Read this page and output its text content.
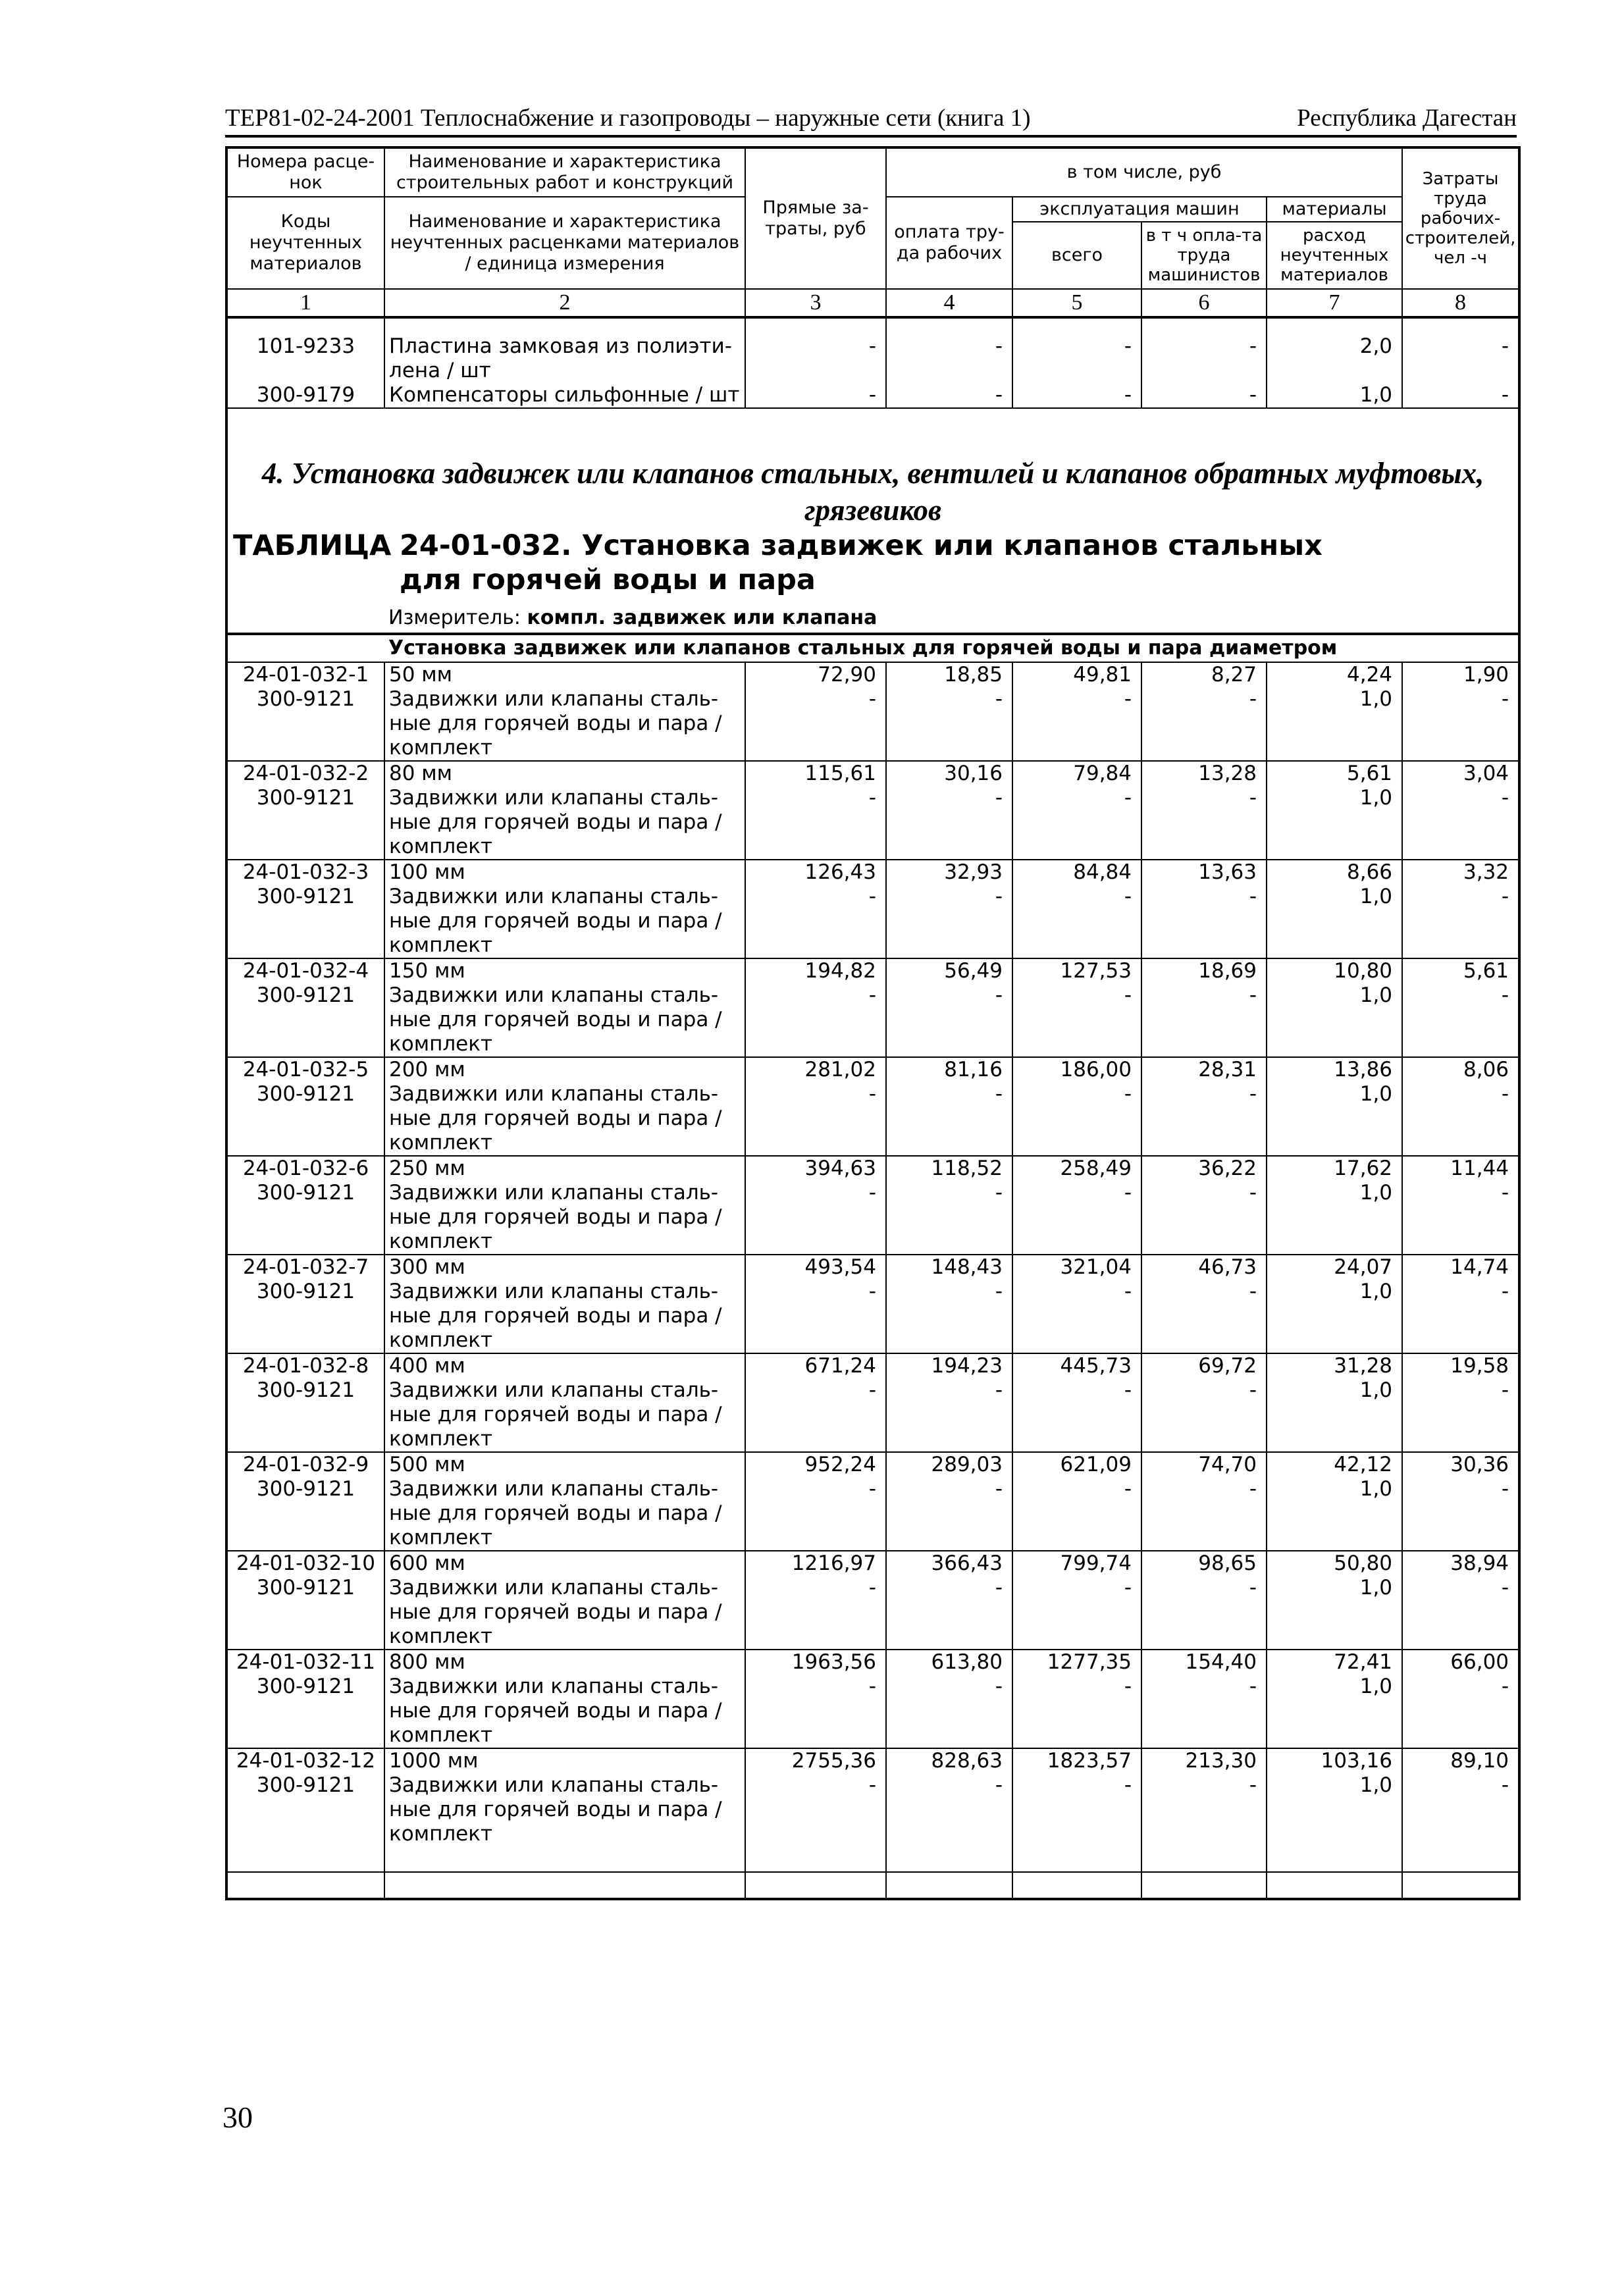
ТЕР81-02-24-2001 Теплоснабжение и газопроводы – наружные сети (книга 1)	Республика Дагестан
Номера расце-нок	Наименование и характеристика строительных работ и конструкций	Прямые за-траты, руб	в том числе, руб				Затраты труда рабочих-строителей, чел -ч
Коды неучтенных материалов	Наименование и характеристика неучтенных расценками материалов / единица измерения		оплата тру-да рабочих	эксплуатация машин		материалы	
				всего	в т ч опла-та труда машинистов	расход неучтенных материалов	
1	2	3	4	5	6	7	8

101-9233	Пластина замковая из полиэти-лена / шт	-	-	-	-	2,0	-
300-9179	Компенсаторы сильфонные / шт	-	-	-	-	1,0	-

4. Установка задвижек или клапанов стальных, вентилей и клапанов обратных муфтовых, грязевиков
ТАБЛИЦА 24-01-032. Установка задвижек или клапанов стальных для горячей воды и пара
Измеритель: компл. задвижек или клапана							

Установка задвижек или клапанов стальных для горячей воды и пара диаметром							
24-01-032-1	50 мм	72,90	18,85	49,81	8,27	4,24	1,90
300-9121	Задвижки или клапаны сталь-ные для горячей воды и пара / комплект	-	-	-	-	1,0	-
24-01-032-2	80 мм	115,61	30,16	79,84	13,28	5,61	3,04
300-9121	Задвижки или клапаны сталь-ные для горячей воды и пара / комплект	-	-	-	-	1,0	-
24-01-032-3	100 мм	126,43	32,93	84,84	13,63	8,66	3,32
300-9121	Задвижки или клапаны сталь-ные для горячей воды и пара / комплект	-	-	-	-	1,0	-
24-01-032-4	150 мм	194,82	56,49	127,53	18,69	10,80	5,61
300-9121	Задвижки или клапаны сталь-ные для горячей воды и пара / комплект	-	-	-	-	1,0	-
24-01-032-5	200 мм	281,02	81,16	186,00	28,31	13,86	8,06
300-9121	Задвижки или клапаны сталь-ные для горячей воды и пара / комплект	-	-	-	-	1,0	-
24-01-032-6	250 мм	394,63	118,52	258,49	36,22	17,62	11,44
300-9121	Задвижки или клапаны сталь-ные для горячей воды и пара / комплект	-	-	-	-	1,0	-
24-01-032-7	300 мм	493,54	148,43	321,04	46,73	24,07	14,74
300-9121	Задвижки или клапаны сталь-ные для горячей воды и пара / комплект	-	-	-	-	1,0	-
24-01-032-8	400 мм	671,24	194,23	445,73	69,72	31,28	19,58
300-9121	Задвижки или клапаны сталь-ные для горячей воды и пара / комплект	-	-	-	-	1,0	-
24-01-032-9	500 мм	952,24	289,03	621,09	74,70	42,12	30,36
300-9121	Задвижки или клапаны сталь-ные для горячей воды и пара / комплект	-	-	-	-	1,0	-
24-01-032-10	600 мм	1216,97	366,43	799,74	98,65	50,80	38,94
300-9121	Задвижки или клапаны сталь-ные для горячей воды и пара / комплект	-	-	-	-	1,0	-
24-01-032-11	800 мм	1963,56	613,80	1277,35	154,40	72,41	66,00
300-9121	Задвижки или клапаны сталь-ные для горячей воды и пара / комплект	-	-	-	-	1,0	-
24-01-032-12	1000 мм	2755,36	828,63	1823,57	213,30	103,16	89,10
300-9121	Задвижки или клапаны сталь-ные для горячей воды и пара / комплект	-	-	-	-	1,0	-

30
